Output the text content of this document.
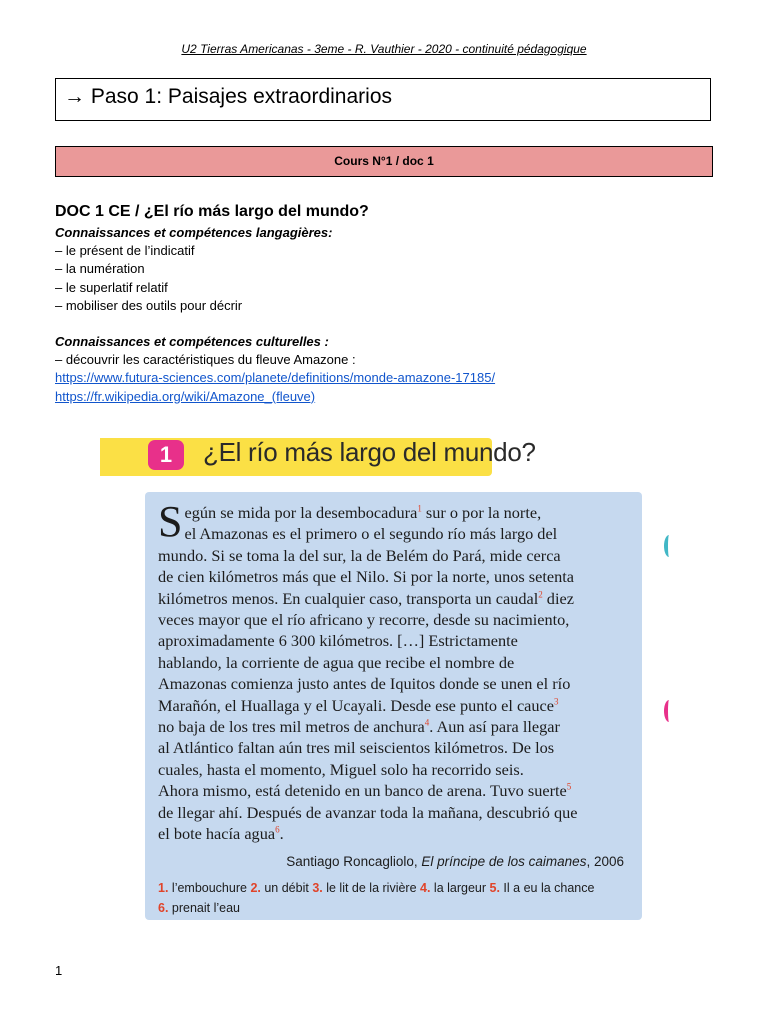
U2 Tierras Americanas - 3eme - R. Vauthier - 2020 - continuité pédagogique
→ Paso 1: Paisajes extraordinarios
Cours N°1 / doc 1
DOC 1 CE / ¿El río más largo del mundo?
Connaissances et compétences langagières:
– le présent de l’indicatif
– la numération
– le superlatif relatif
– mobiliser des outils pour décrir
Connaissances et compétences culturelles :
– découvrir les caractéristiques du fleuve Amazone :
https://www.futura-sciences.com/planete/definitions/monde-amazone-17185/
https://fr.wikipedia.org/wiki/Amazone_(fleuve)
1	¿El río más largo del mundo?
Según se mida por la desembocadura$^1$ sur o por la norte,
el Amazonas es el primero o el segundo río más largo del
mundo. Si se toma la del sur, la de Belém do Pará, mide cerca
de cien kilómetros más que el Nilo. Si por la norte, unos setenta
kilómetros menos. En cualquier caso, transporta un caudal$^2$ diez
veces mayor que el río africano y recorre, desde su nacimiento,
aproximadamente 6 300 kilómetros. […] Estrictamente
hablando, la corriente de agua que recibe el nombre de
Amazonas comienza justo antes de Iquitos donde se unen el río
Marañón, el Huallaga y el Ucayali. Desde ese punto el cauce$^3$
no baja de los tres mil metros de anchura$^4$. Aun así para llegar
al Atlántico faltan aún tres mil seiscientos kilómetros. De los
cuales, hasta el momento, Miguel solo ha recorrido seis.
Ahora mismo, está detenido en un banco de arena. Tuvo suerte$^5$
de llegar ahí. Después de avanzar toda la mañana, descubrió que
el bote hacía agua$^6$.
Santiago Roncagliolo, El príncipe de los caimanes, 2006
1. l’embouchure 2. un débit 3. le lit de la rivière 4. la largeur 5. Il a eu la chance
6. prenait l’eau
1
